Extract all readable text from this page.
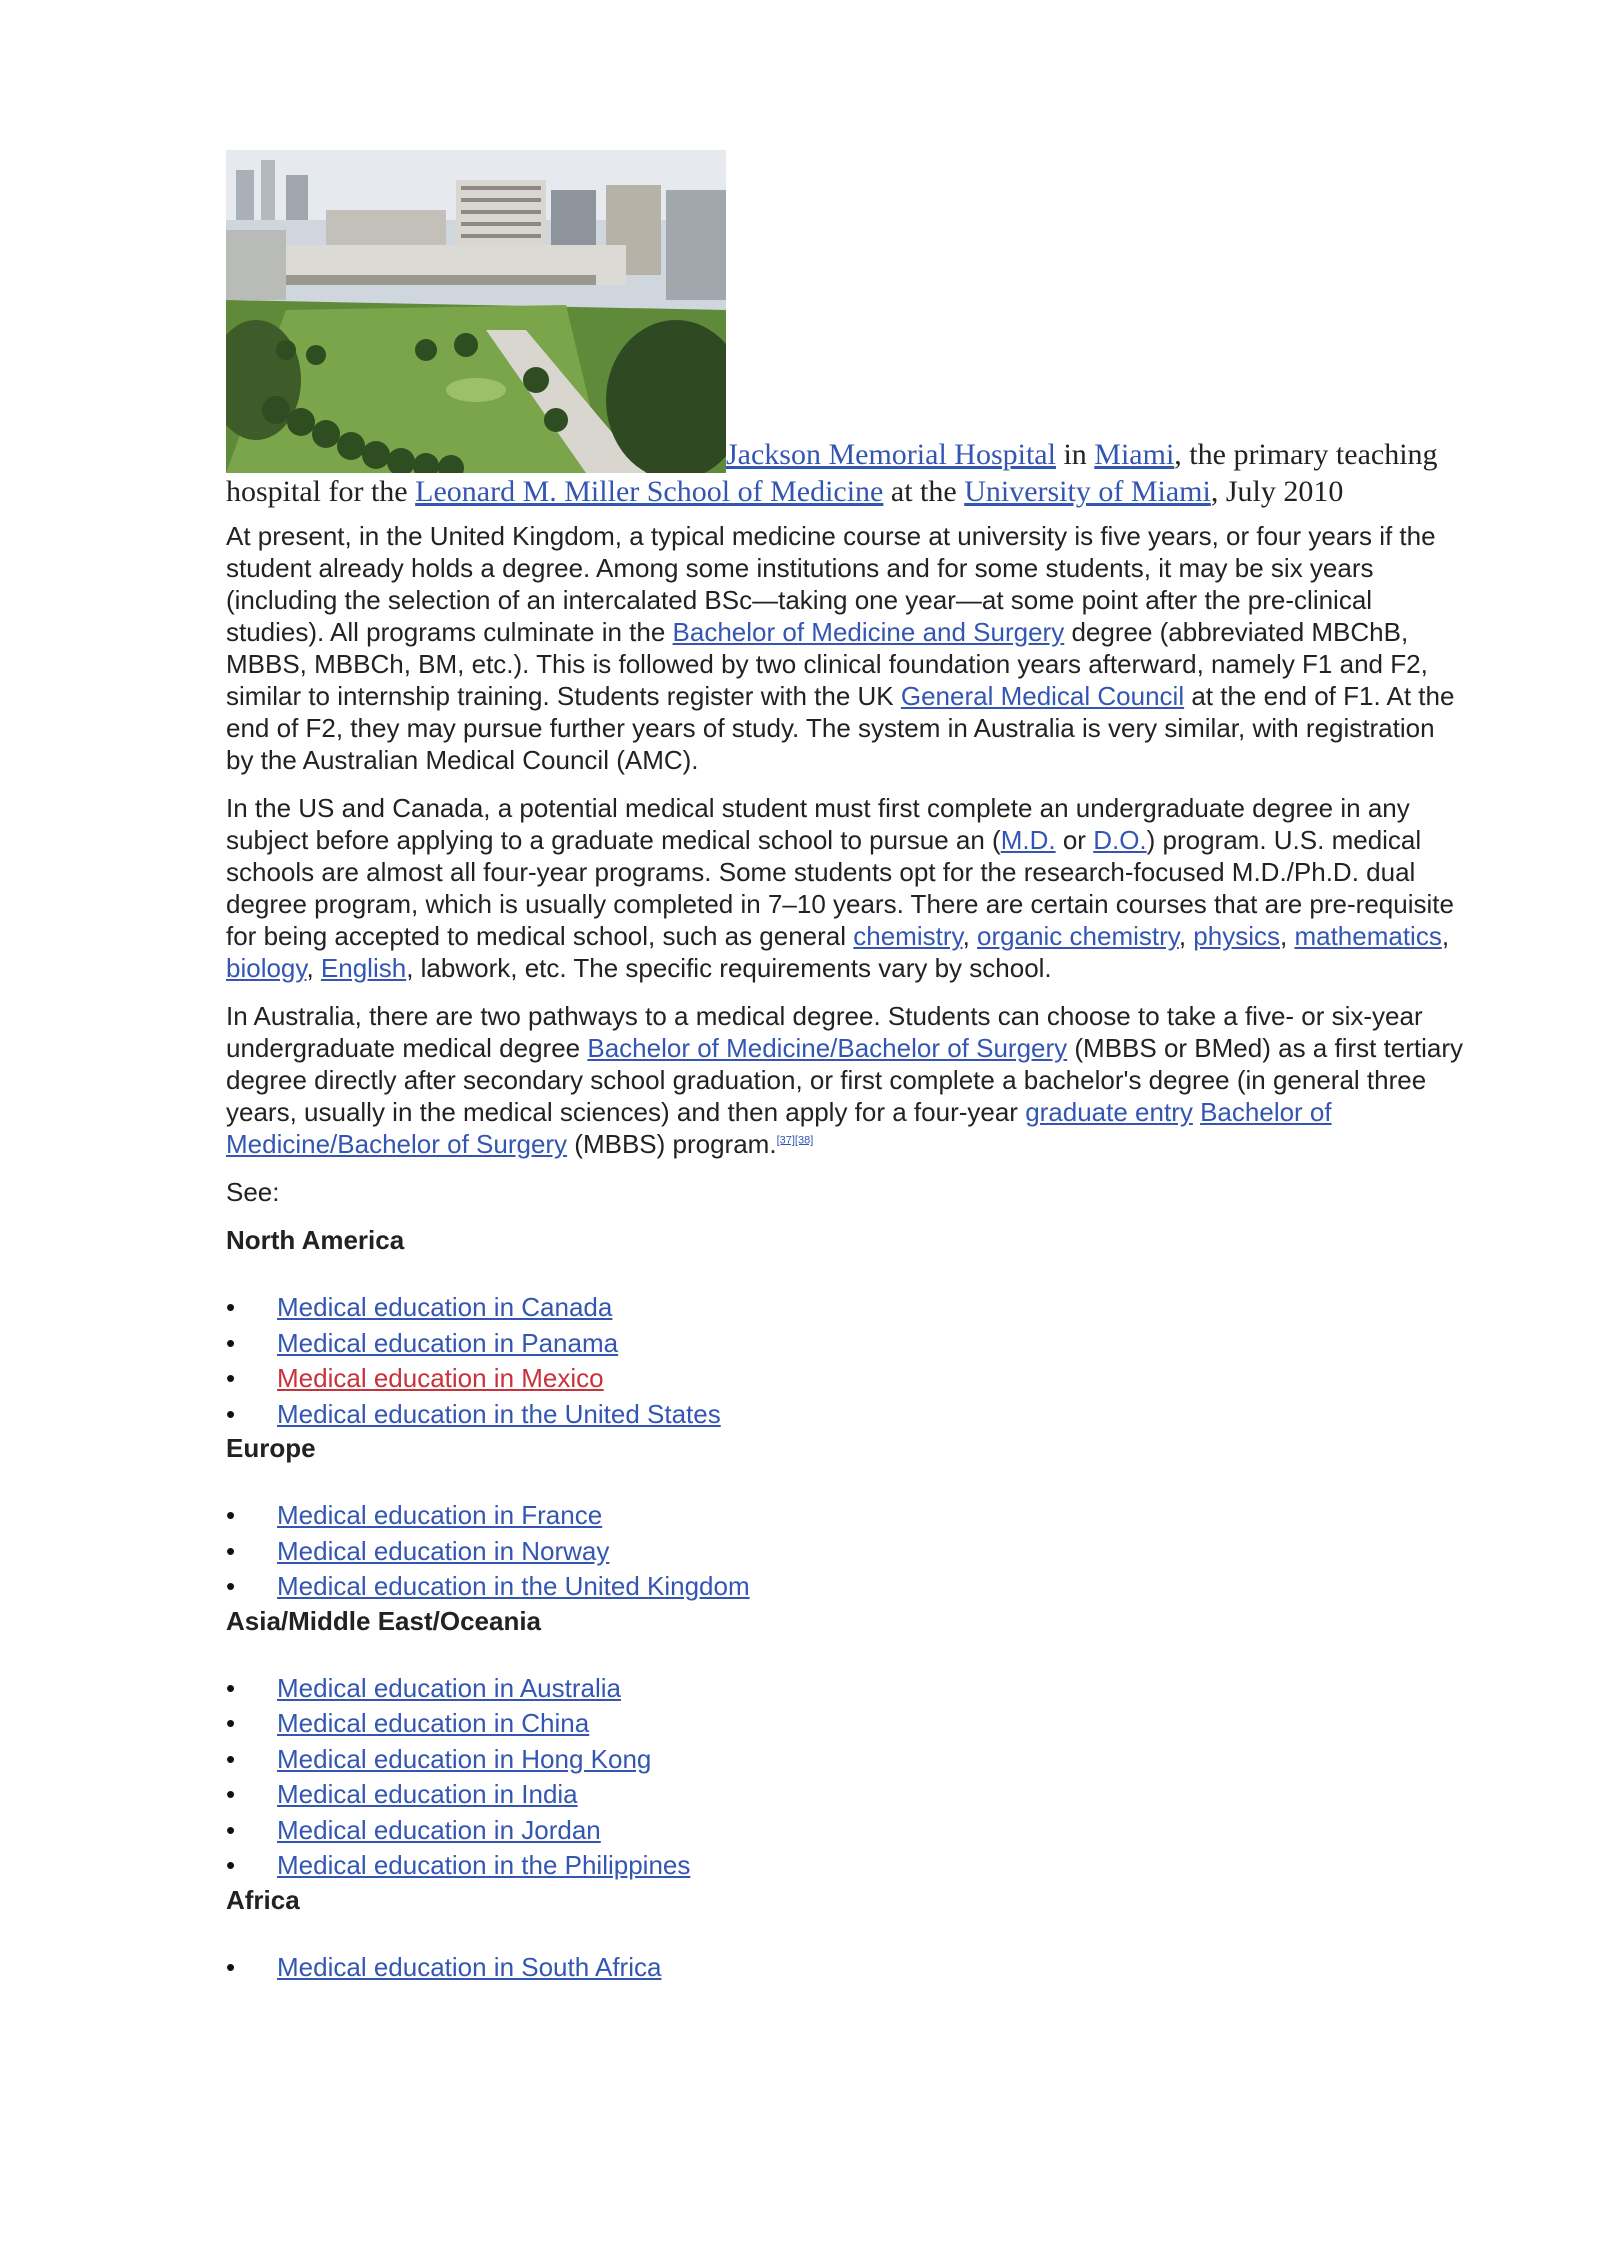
Jackson Memorial Hospital in Miami, the primary teaching hospital for the Leonard M. Miller School of Medicine at the University of Miami, July 2010

At present, in the United Kingdom, a typical medicine course at university is five years, or four years if the student already holds a degree. Among some institutions and for some students, it may be six years (including the selection of an intercalated BSc—taking one year—at some point after the pre-clinical studies). All programs culminate in the Bachelor of Medicine and Surgery degree (abbreviated MBChB, MBBS, MBBCh, BM, etc.). This is followed by two clinical foundation years afterward, namely F1 and F2, similar to internship training. Students register with the UK General Medical Council at the end of F1. At the end of F2, they may pursue further years of study. The system in Australia is very similar, with registration by the Australian Medical Council (AMC).

In the US and Canada, a potential medical student must first complete an undergraduate degree in any subject before applying to a graduate medical school to pursue an (M.D. or D.O.) program. U.S. medical schools are almost all four-year programs. Some students opt for the research-focused M.D./Ph.D. dual degree program, which is usually completed in 7–10 years. There are certain courses that are pre-requisite for being accepted to medical school, such as general chemistry, organic chemistry, physics, mathematics, biology, English, labwork, etc. The specific requirements vary by school.

In Australia, there are two pathways to a medical degree. Students can choose to take a five- or six-year undergraduate medical degree Bachelor of Medicine/Bachelor of Surgery (MBBS or BMed) as a first tertiary degree directly after secondary school graduation, or first complete a bachelor's degree (in general three years, usually in the medical sciences) and then apply for a four-year graduate entry Bachelor of Medicine/Bachelor of Surgery (MBBS) program.[37][38]

See:

North America
• Medical education in Canada
• Medical education in Panama
• Medical education in Mexico
• Medical education in the United States
Europe
• Medical education in France
• Medical education in Norway
• Medical education in the United Kingdom
Asia/Middle East/Oceania
• Medical education in Australia
• Medical education in China
• Medical education in Hong Kong
• Medical education in India
• Medical education in Jordan
• Medical education in the Philippines
Africa
• Medical education in South Africa
